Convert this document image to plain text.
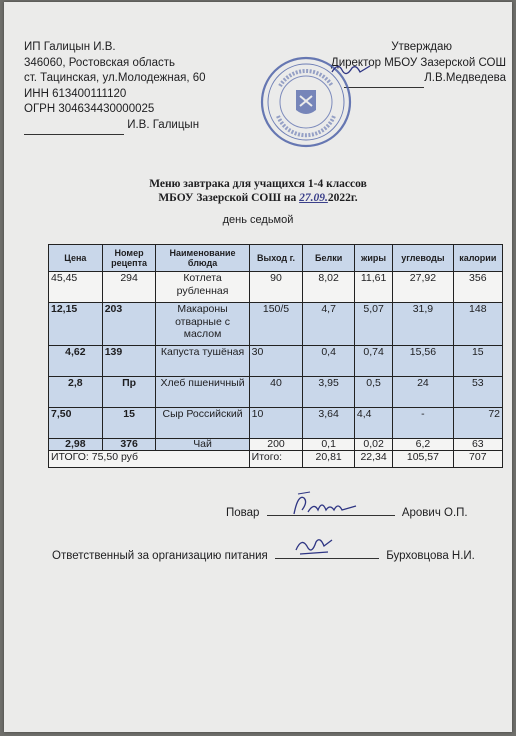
ИП Галицын И.В.
346060, Ростовская область
ст. Тацинская, ул.Молодежная, 60
ИНН 613400111120
ОГРН 304634430000025
И.В. Галицын
Утверждаю
Директор МБОУ Зазерской СОШ
Л.В.Медведева
Меню завтрака для учащихся 1-4 классов
МБОУ Зазерской СОШ на 27.09.2022г.
день седьмой
Цена	Номер рецепта	Наименование блюда	Выход г.	Белки	жиры	углеводы	калории
45,45	294	Котлета рубленная	90	8,02	11,61	27,92	356
12,15	203	Макароны отварные с маслом	150/5	4,7	5,07	31,9	148
4,62	139	Капуста тушёная	30	0,4	0,74	15,56	15
2,8	Пр	Хлеб пшеничный	40	3,95	0,5	24	53
7,50	15	Сыр Российский	10	3,64	4,4	-	72
2,98	376	Чай	200	0,1	0,02	6,2	63
ИТОГО: 75,50 руб			Итого:	20,81	22,34	105,57	707
Повар	Арович О.П.
Ответственный за организацию питания	Бурховцова Н.И.
